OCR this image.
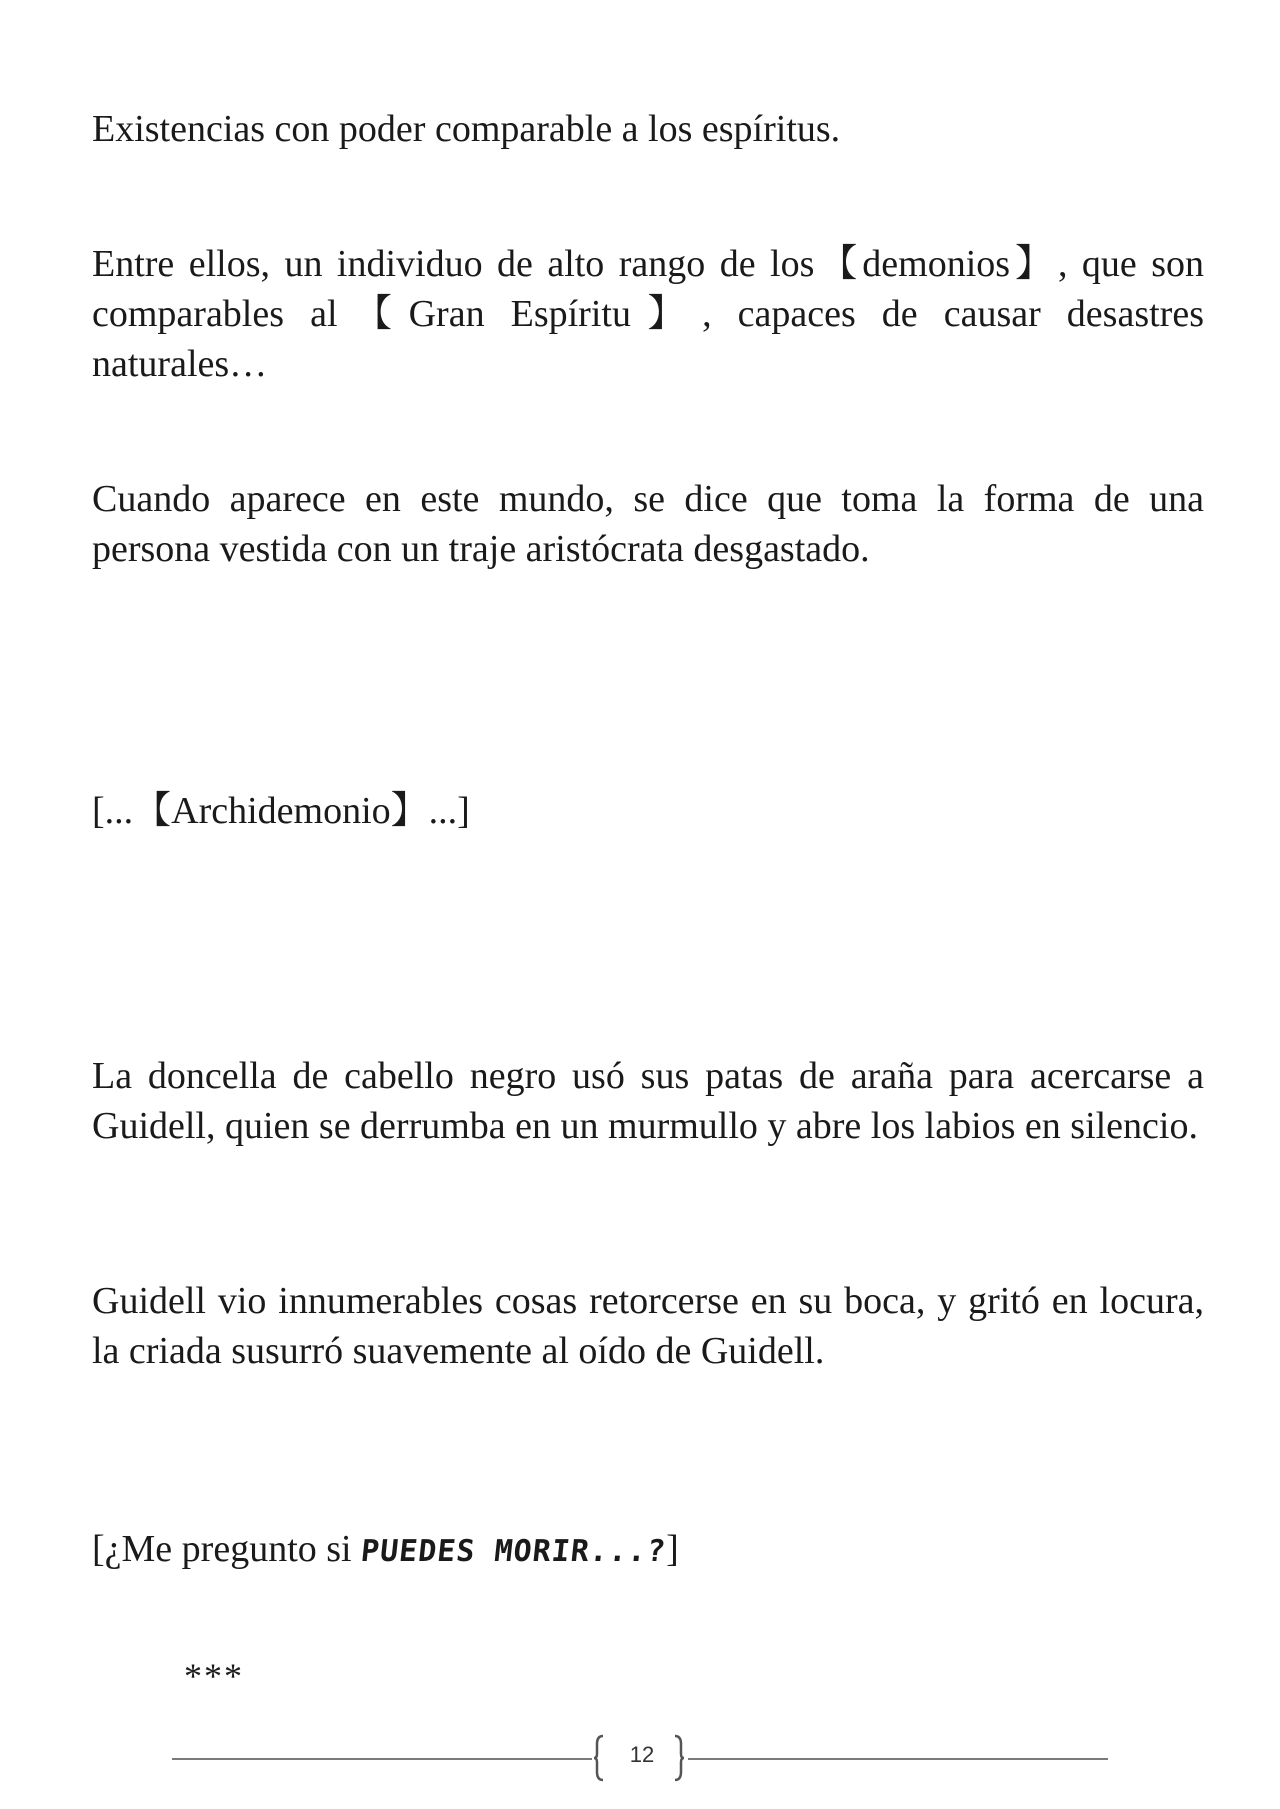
Existencias con poder comparable a los espíritus.

Entre ellos, un individuo de alto rango de los【demonios】, que son comparables al【Gran Espíritu】, capaces de causar desastres naturales…

Cuando aparece en este mundo, se dice que toma la forma de una persona vestida con un traje aristócrata desgastado.

[...【Archidemonio】...]

La doncella de cabello negro usó sus patas de araña para acercarse a Guidell, quien se derrumba en un murmullo y abre los labios en silencio.

Guidell vio innumerables cosas retorcerse en su boca, y gritó en locura, la criada susurró suavemente al oído de Guidell.

[¿Me pregunto si PUEDES MORIR...?]

***
12
